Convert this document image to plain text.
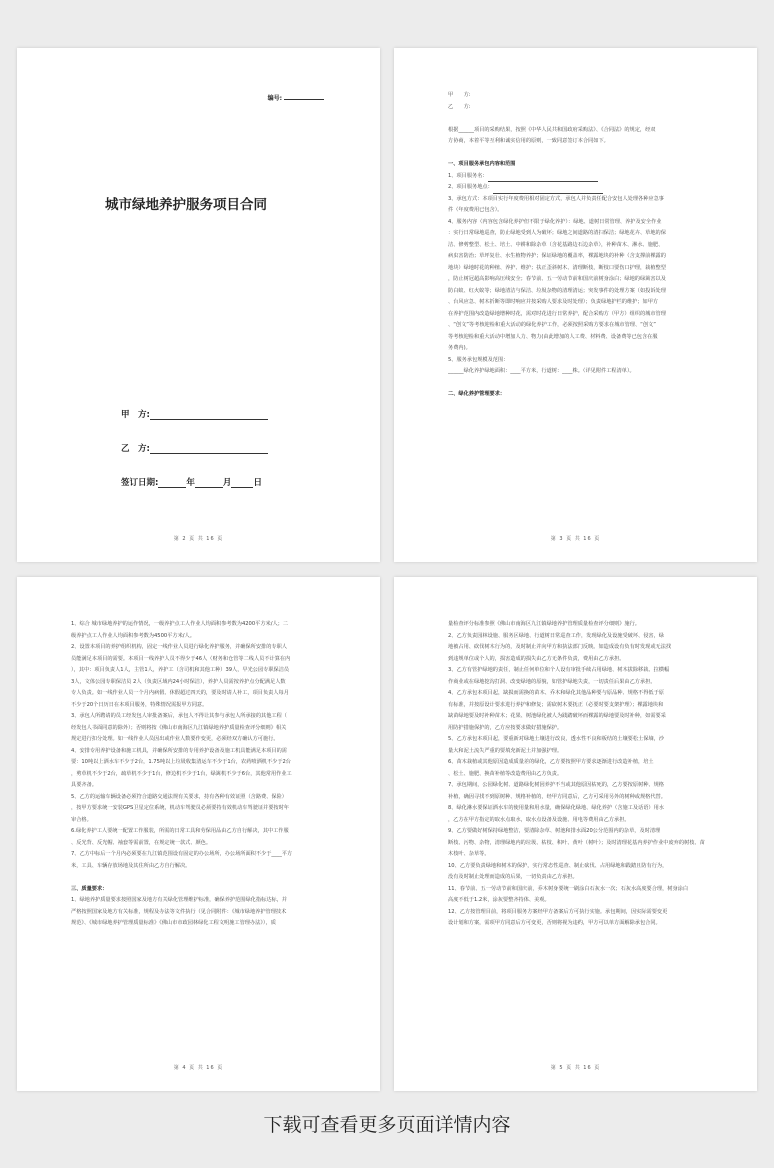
编号:
城市绿地养护服务项目合同
甲　方:
乙　方:
签订日期:	年	月	日
第 2 页 共 16 页
甲　　方:
乙　　方:
根据______项目的采购结果，按照《中华人民共和国政府采购法》、《合同法》的规定，经双
方协商，本着平等互利和诚实信用的原则，一致同意签订本合同如下。
一、项目服务承包内容和范围
1、项目服务名：
2、项目服务地点：
3、承包方式：本项目实行年度费用相对固定方式，承包人并负责任配合安包人处理各种应急事
件（年度费用已包含）。
4、服务内容（内容包含绿化养护但不限于绿化养护）：绿地、道树日常管理、养护及安全作业
：实行日常绿地巡查，防止绿地受到人为破坏；绿地之间道路的清扫保洁；绿地花卉、草地的保
洁、修剪整型、松土、培土、中耕和除杂草（含花基路边石边杂草），补种苗木、淋水、施肥、
病虫害防治；草坪复壮、水生植物养护；保证绿地的覆盖率，裸露地块的补种（含支撑前裸露的
地块）绿地时花的种植、养护、维护；扶正歪斜树木、清理断枝，断枝口要伤口护理，栽植整型
，防止树冠超高影响高压线安全；春节前、五一劳动节前和国庆前树身涂白；绿地的绿篱害以及
防白蚁、红火蚁等；绿地清洁与保洁、垃圾杂物的清理清运；突发事件的处理方案（如投诉处理
、台风应急、树木折断等即时响应并按采购人要求及时处理）；负责绿地护栏的维护；如甲方
在养护范围内改造绿地增种时花，需对时花进行日常养护，配合采购方（甲方）组织的城市管理
、“创文”等考核迎检和重大活动的绿化养护工作，必须按照采购方要求在城市管理、“创文”
等考核迎检和重大活动中增加人力、物力(由此增加的人工费、材料费、设备费等已包含在服
务费内)。
5、服务承包规模及范围：
______绿化养护绿地面积：____平方米，行道树：____株。（详见附件工程清单）。
二、绿化养护管理要求：
第 3 页 共 16 页
1、综合 城市绿地养护的运作情况，一级养护点工人作业人均面积参考数为4200平方米/人；二
级养护点工人作业人均面积参考数为4500平方米/人。
2、设置本项目的养护组织机构，固定一线作业人员进行绿化养护服务，并确保所安排的专职人
员能满足本项目的需要。本项目一线养护人员不得少于46人（财务和仓管等二线人员不计算在内
），其中：项目负责人1人，主管1人，养护工（含司机和其他工种）39人，早光公园专职保洁员
3人，文体公园专职保洁员 2人（负责区域内24小时保洁），养护人员需按养护点分配满足人数
专人负责。如一线作业人员一个月内病假、休假超过四天的，要及时请人补工，项目负责人每月
不少于20个日历日在本项目服务，特殊情况需报甲方同意。
3、承包人所聘请的员工经发包人审批备案后，承包人不得让其参与承包人所承接的其他工程（
经发包人书面同意的除外）；否则将按《佛山市南海区九江镇绿地养护质量检查评分细则》相关
规定进行扣分处理。如一线作业人员因出或作业人数要作变更，必须经双方确认方可施行。
4、安排专用养护设备和施工机具，并确保所安排的专用养护设备及施工机具能满足本项目的需
要：10吨以上洒水车不少于2台，1.75吨以上垃圾收集清运车不少于1台，农药喷洒机不少于2台
，剪草机不少于2台，疏草机不少于1台，修边机不少于1台，绿篱机不少于6台，其他常用作业工
具要齐备。
5、乙方的运输车辆设备必须符合道路交通法规有关要求，持有各种有效证照（含路费、保险）
，按甲方要求统一安装GPS卫星定位系统，机动车驾驶员必须要持有效机动车驾驶证并要按时年
审合格。
6.绿化养护工人要统一配置工作服装，所需的日常工具和劳保用品由乙方自行解决，其中工作服
、反光背、反光帽、袖套等需前置，在规定统一款式、颜色。
7、乙方中标后一个月内必须要在九江镇范围设有固定的办公场所，办公场所面积不少于____平方
米，工具、车辆存放场地及其住所由乙方自行解决。
三、质量要求：
1、绿地养护质量要求按照国家及地方有关绿化管理维护标准，确保养护范围绿化指标达标，并
严格按照国家及地方有关标准，规程及办法等文件执行（见合同附件：《城市绿地养护管理技术
规范》、《城市绿地养护管理质量标准》《佛山市市政园林绿化工程文明施工管理办法》），质
第 4 页 共 16 页
量检查评分标准参照《佛山市南海区九江镇绿地养护管理质量检查评分细则》施行。
2、乙方负责园林设施、服务区绿地、行道树日常巡查工作，发现绿化及设施受破坏、侵害，绿
地被占用、砍伐树木行为的，及时制止并向甲方和执法部门反映。如造成设有负有时发现或无法找
到违规单位或个人的，损害造成的损失由乙方无条件负责，费用由乙方承担。
3、乙方有管护绿地的责任，制止任何单位和个人设有审批手续占用绿地、树木拔除移栽、拉横幅
作商业或在绿地挖沟打洞、改变绿地的原貌，如管护绿地失责，一切责任后果由乙方承担。
4、乙方承包本项目起，缺损而需换的苗木、乔木和绿化其他品种要与原品种、规格不得低于原
有标准，并按原设计要求进行养护和修复；需砍树木要抚正（必要时要支架护理）；裸露地块和
缺苗绿地要及时补种苗木；花果、树池绿化被人为践踏破坏而裸露的绿地要及时补种，如需要采
用防护措施保护的，乙方应按要求做好措施保护。
5、乙方承包本项目起，要重新对绿地土壤进行改良，透水性不良和板结的土壤要松土保墒，沙
量大和泥土流失严重的要填充新泥土并加强护理。
6、苗木栽植或其他原因造成质量差的绿化，乙方要按照甲方要求逐渐进行改造补植，培土
、松土、施肥、换苗补植等改造费用由乙方负责。
7、承包期间，公园绿化树、道路绿化树因养护不当或其他原因枯死的，乙方要按原树种、规格
补植，确因寻找不到原树种、规格补植的，经甲方同意后，乙方可采用另外的树种或规格代替。
8、绿化淋水要保证洒水车的使用量和用水量，确保绿化绿地、绿化养护（含施工及话语）用水
，乙方在甲方指定的取水点取水，取水点设备及设施、用电等费用由乙方承担。
9、乙方要做好树保持绿地整洁，要清除杂草、树池和排水面20公分范围内的杂草，及时清理
断枝、污物、杂物，清理绿地内的垃圾、枯枝、积叶、黄叶（树叶）；及时清理花基内养护作业中废弃的树枝、苗
木枝叶、杂草等。
10、乙方要负责绿地和树木的保护，实行常态性巡查、制止砍伐、占用绿地和践踏且防有行为，
没有及时制止处理而造成的后果，一切负责由乙方承担。
11、春节前、五一劳动节前和国庆前，乔木树身要统一刷涂白石灰水一次；石灰水高度要合理，树身涂白
高度不低于1.2米，涂灰要整齐持体、美观。
12、乙方按管理目前，将项目服务方案经甲方备案后方可执行实施。承包期间，因实际需要变更
设计划和方案，需项甲方同意后方可变更，否则将视为违约，甲方可以单方面解除承包合同。
第 5 页 共 16 页
下载可查看更多页面详情内容
